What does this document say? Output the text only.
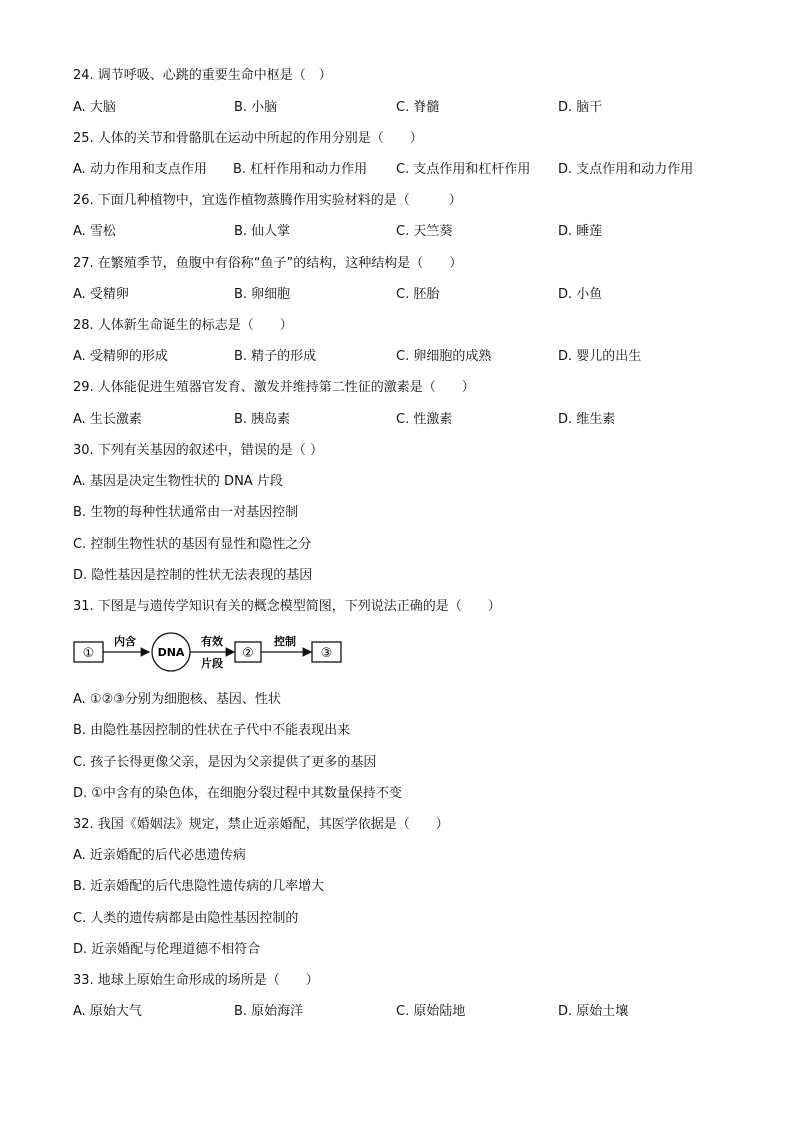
24. 调节呼吸、心跳的重要生命中枢是（　）
A. 大脑	B. 小脑	C. 脊髓	D. 脑干
25. 人体的关节和骨骼肌在运动中所起的作用分别是（　　）
A. 动力作用和支点作用 B. 杠杆作用和动力作用 C. 支点作用和杠杆作用 D. 支点作用和动力作用
26. 下面几种植物中，宜选作植物蒸腾作用实验材料的是（　　　）
A. 雪松	B. 仙人掌	C. 天竺葵	D. 睡莲
27. 在繁殖季节，鱼腹中有俗称“鱼子”的结构，这种结构是（　　）
A. 受精卵	B. 卵细胞	C. 胚胎	D. 小鱼
28. 人体新生命诞生的标志是（　　）
A. 受精卵的形成	B. 精子的形成	C. 卵细胞的成熟	D. 婴儿的出生
29. 人体能促进生殖器官发育、激发并维持第二性征的激素是（　　）
A. 生长激素	B. 胰岛素	C. 性激素	D. 维生素
30. 下列有关基因的叙述中，错误的是（ ）
A. 基因是决定生物性状的 DNA 片段
B. 生物的每种性状通常由一对基因控制
C. 控制生物性状的基因有显性和隐性之分
D. 隐性基因是控制的性状无法表现的基因
31. 下图是与遗传学知识有关的概念模型简图，下列说法正确的是（　　）
①
内含
DNA
有效
片段
②
控制
③
A. ①②③分别为细胞核、基因、性状
B. 由隐性基因控制的性状在子代中不能表现出来
C. 孩子长得更像父亲，是因为父亲提供了更多的基因
D. ①中含有的染色体，在细胞分裂过程中其数量保持不变
32. 我国《婚姻法》规定，禁止近亲婚配，其医学依据是（　　）
A. 近亲婚配的后代必患遗传病
B. 近亲婚配的后代患隐性遗传病的几率增大
C. 人类的遗传病都是由隐性基因控制的
D. 近亲婚配与伦理道德不相符合
33. 地球上原始生命形成的场所是（　　）
A. 原始大气	B. 原始海洋	C. 原始陆地	D. 原始土壤
